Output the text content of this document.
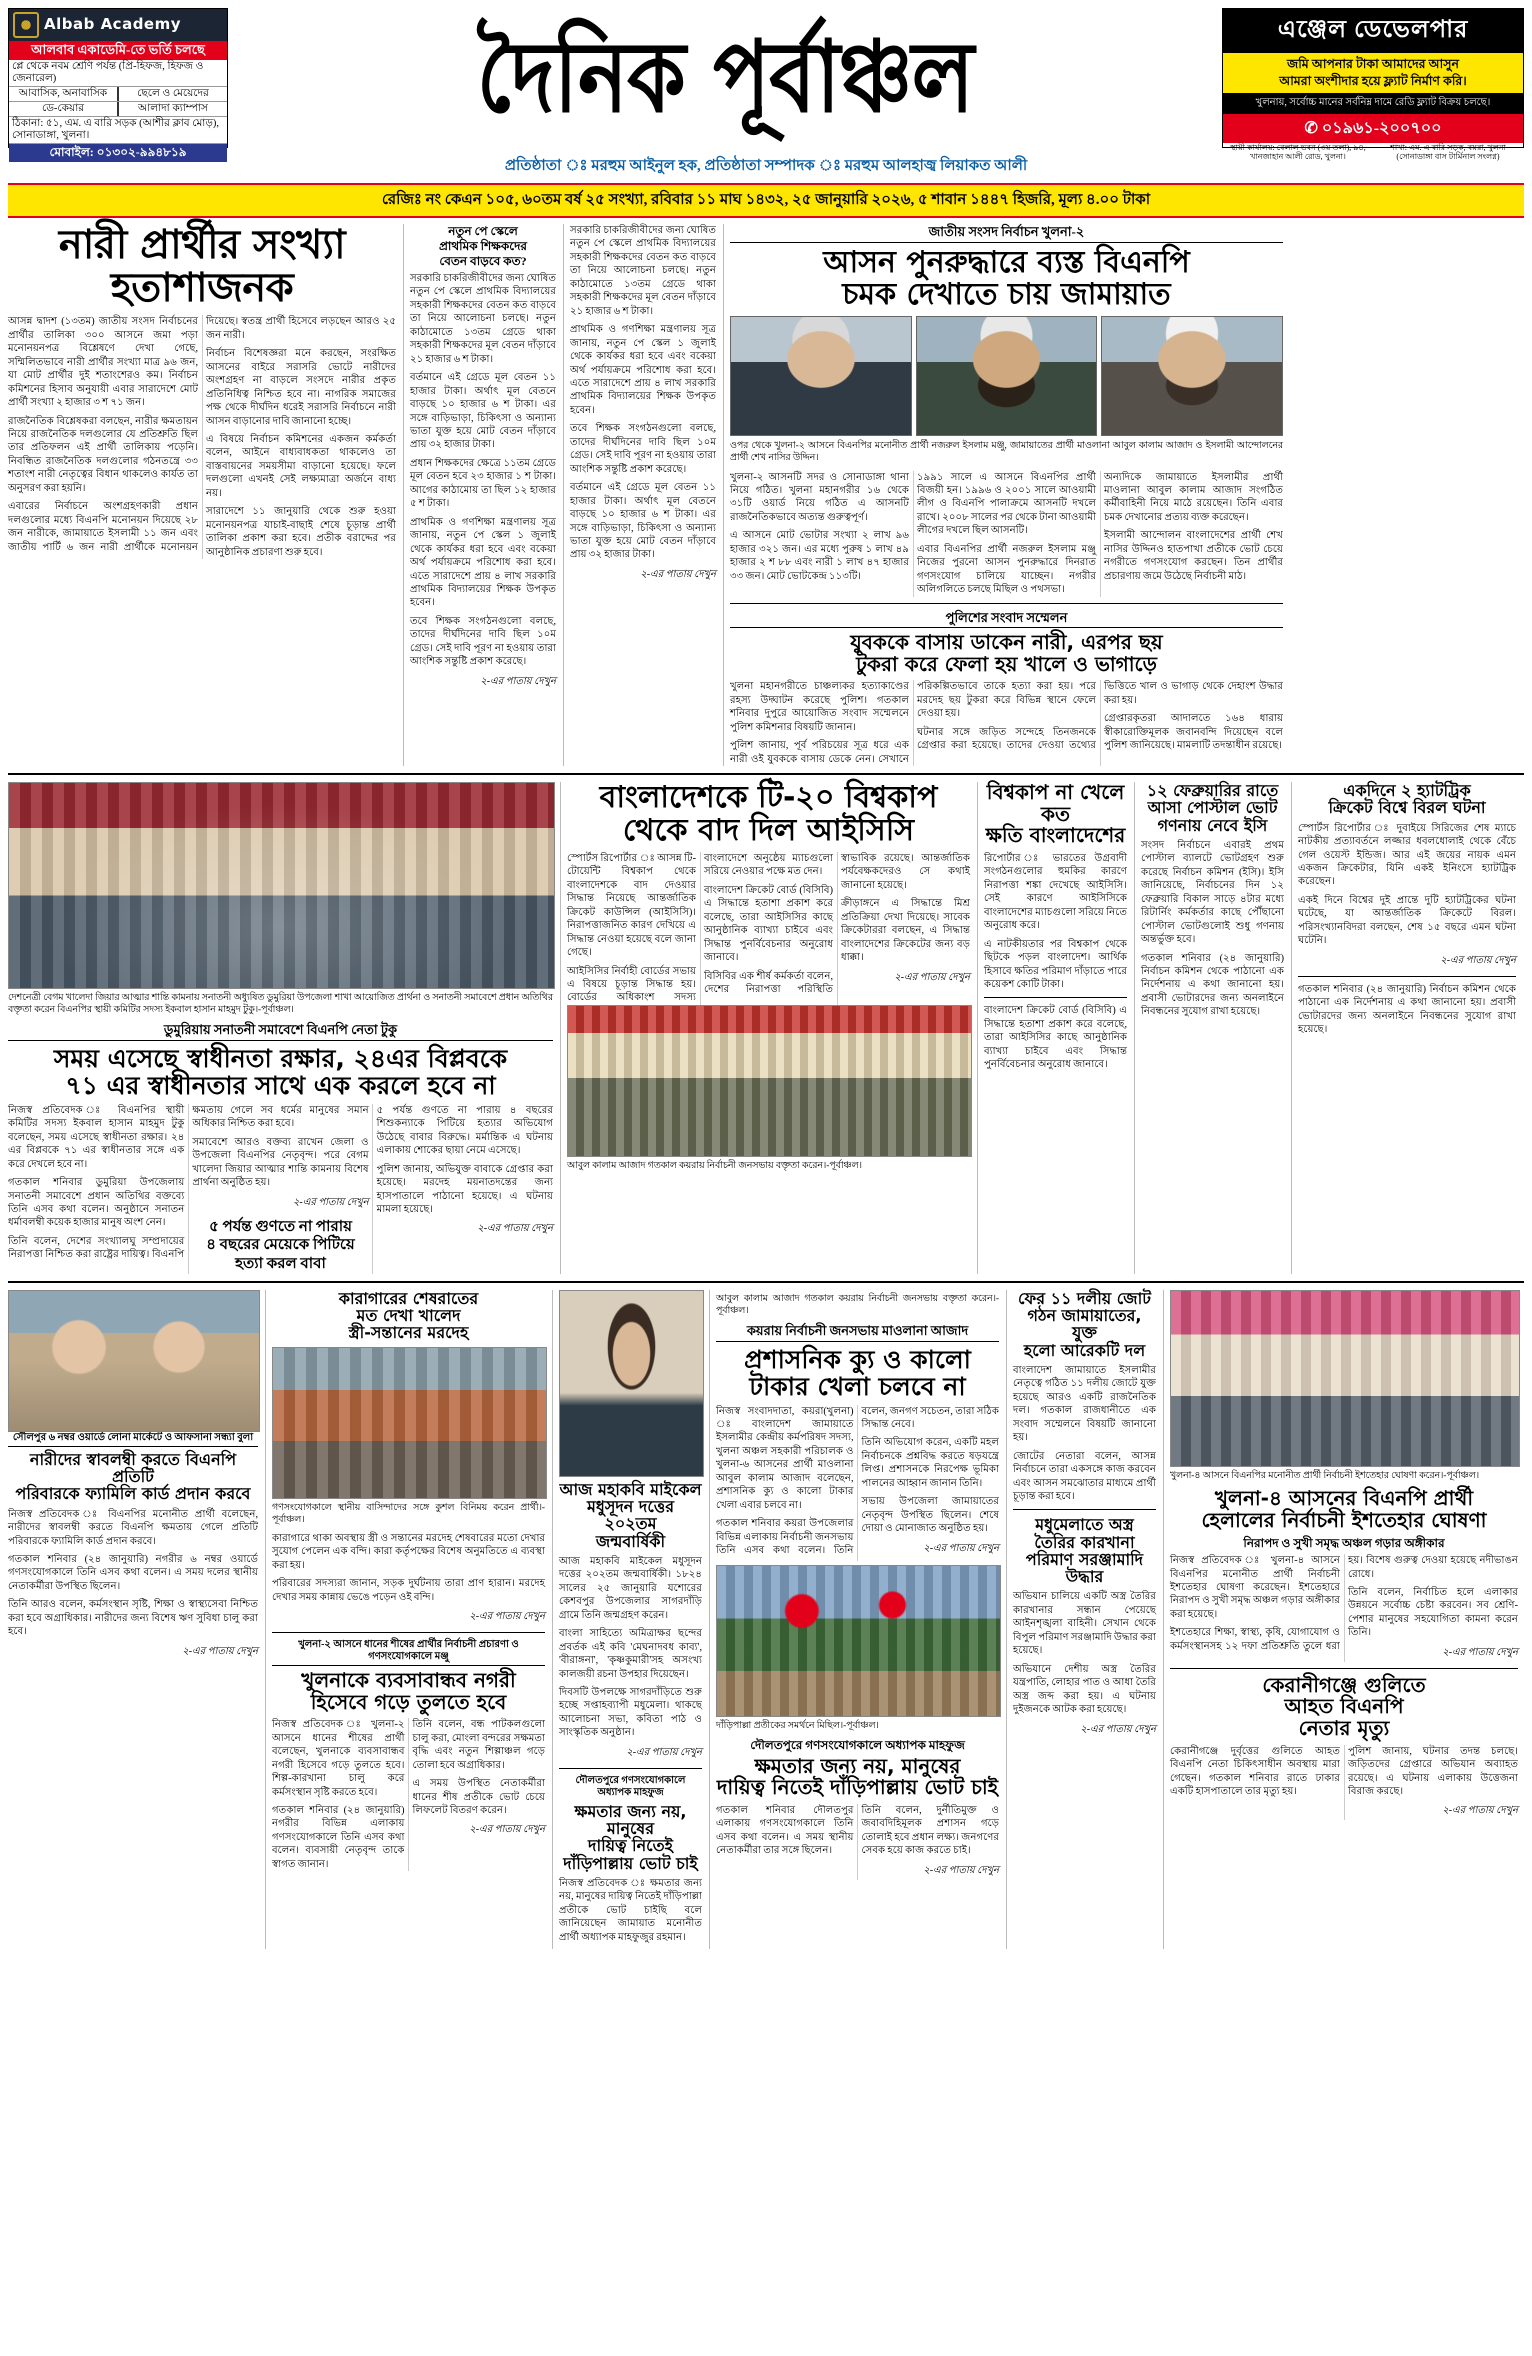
Albab Academy
আলবাব একাডেমি-তে ভর্তি চলছে
প্লে থেকে নবম শ্রেণি পর্যন্ত (প্রি-হিফজ, হিফজ ও জেনারেল)
আবাসিক, অনাবাসিক	ছেলে ও মেয়েদের
ডে-কেয়ার	আলাদা ক্যাম্পাস
ঠিকানা: ৫১, এম. এ বারি সড়ক (আশীর ক্লাব মোড়), সোনাডাঙ্গা, খুলনা।
মোবাইল: ০১৩০২-৯৯৪৮১৯
দৈনিক পূর্বাঞ্চল	এঞ্জেল ডেভেলপার
জমি আপনার টাকা আমাদের আসুন
আমরা অংশীদার হয়ে ফ্ল্যাট নির্মাণ করি।
খুলনায়, সর্বোচ্চ মানের সর্বনিম্ন দামে রেডি ফ্ল্যাট বিক্রয় চলছে।
✆ ০১৯৬১-২০০৭০০
স্থায়ী কার্যালয়: বেলাল ভবন (৩য় তলা), ৯৪, খানজাহান আলী রোড, খুলনা।
শাখা: এম. এ বারি সড়ক, বয়রা, খুলনা (সোনাডাঙ্গা বাস টার্মিনাল সংলগ্ন)
প্রতিষ্ঠাতা ঃ মরহুম আইনুল হক, প্রতিষ্ঠাতা সম্পাদক ঃ মরহুম আলহাজ্ব লিয়াকত আলী
রেজিঃ নং কেএন ১০৫, ৬০তম বর্ষ ২৫ সংখ্যা, রবিবার ১১ মাঘ ১৪৩২, ২৫ জানুয়ারি ২০২৬, ৫ শাবান ১৪৪৭ হিজরি, মূল্য ৪.০০ টাকা
নারী প্রার্থীর সংখ্যা হতাশাজনক

আসন্ন দ্বাদশ (১৩তম) জাতীয় সংসদ নির্বাচনের প্রার্থীর তালিকা ৩০০ আসনে জমা পড়া মনোনয়নপত্র বিশ্লেষণে দেখা গেছে, সম্মিলিতভাবে নারী প্রার্থীর সংখ্যা মাত্র ৯৬ জন, যা মোট প্রার্থীর দুই শতাংশেরও কম। নির্বাচন কমিশনের হিসাব অনুযায়ী এবার সারাদেশে মোট প্রার্থী সংখ্যা ২ হাজার ৩ শ ৭১ জন।

রাজনৈতিক বিশ্লেষকরা বলছেন, নারীর ক্ষমতায়ন নিয়ে রাজনৈতিক দলগুলোর যে প্রতিশ্রুতি ছিল তার প্রতিফলন এই প্রার্থী তালিকায় পড়েনি। নিবন্ধিত রাজনৈতিক দলগুলোর গঠনতন্ত্রে ৩৩ শতাংশ নারী নেতৃত্বের বিধান থাকলেও কার্যত তা অনুসরণ করা হয়নি।

এবারের নির্বাচনে অংশগ্রহণকারী প্রধান দলগুলোর মধ্যে বিএনপি মনোনয়ন দিয়েছে ২৮ জন নারীকে, জামায়াতে ইসলামী ১১ জন এবং জাতীয় পার্টি ৬ জন নারী প্রার্থীকে মনোনয়ন দিয়েছে। স্বতন্ত্র প্রার্থী হিসেবে লড়ছেন আরও ২৫ জন নারী।

নির্বাচন বিশেষজ্ঞরা মনে করছেন, সংরক্ষিত আসনের বাইরে সরাসরি ভোটে নারীদের অংশগ্রহণ না বাড়লে সংসদে নারীর প্রকৃত প্রতিনিধিত্ব নিশ্চিত হবে না। নাগরিক সমাজের পক্ষ থেকে দীর্ঘদিন ধরেই সরাসরি নির্বাচনে নারী আসন বাড়ানোর দাবি জানানো হচ্ছে।

এ বিষয়ে নির্বাচন কমিশনের একজন কর্মকর্তা বলেন, আইনে বাধ্যবাধকতা থাকলেও তা বাস্তবায়নের সময়সীমা বাড়ানো হয়েছে। ফলে দলগুলো এখনই সেই লক্ষ্যমাত্রা অর্জনে বাধ্য নয়।

সারাদেশে ১১ জানুয়ারি থেকে শুরু হওয়া মনোনয়নপত্র যাচাই-বাছাই শেষে চূড়ান্ত প্রার্থী তালিকা প্রকাশ করা হবে। প্রতীক বরাদ্দের পর আনুষ্ঠানিক প্রচারণা শুরু হবে।

নতুন পে স্কেলে
প্রাথমিক শিক্ষকদের
বেতন বাড়বে কত?

সরকারি চাকরিজীবীদের জন্য ঘোষিত নতুন পে স্কেলে প্রাথমিক বিদ্যালয়ের সহকারী শিক্ষকদের বেতন কত বাড়বে তা নিয়ে আলোচনা চলছে। নতুন কাঠামোতে ১৩তম গ্রেডে থাকা সহকারী শিক্ষকদের মূল বেতন দাঁড়াবে ২১ হাজার ৬ শ টাকা।

বর্তমানে এই গ্রেডে মূল বেতন ১১ হাজার টাকা। অর্থাৎ মূল বেতনে বাড়ছে ১০ হাজার ৬ শ টাকা। এর সঙ্গে বাড়িভাড়া, চিকিৎসা ও অন্যান্য ভাতা যুক্ত হয়ে মোট বেতন দাঁড়াবে প্রায় ৩২ হাজার টাকা।

প্রধান শিক্ষকদের ক্ষেত্রে ১১তম গ্রেডে মূল বেতন হবে ২৩ হাজার ১ শ টাকা। আগের কাঠামোয় তা ছিল ১২ হাজার ৫ শ টাকা।

প্রাথমিক ও গণশিক্ষা মন্ত্রণালয় সূত্র জানায়, নতুন পে স্কেল ১ জুলাই থেকে কার্যকর ধরা হবে এবং বকেয়া অর্থ পর্যায়ক্রমে পরিশোধ করা হবে। এতে সারাদেশে প্রায় ৪ লাখ সরকারি প্রাথমিক বিদ্যালয়ের শিক্ষক উপকৃত হবেন।

তবে শিক্ষক সংগঠনগুলো বলছে, তাদের দীর্ঘদিনের দাবি ছিল ১০ম গ্রেড। সেই দাবি পূরণ না হওয়ায় তারা আংশিক সন্তুষ্টি প্রকাশ করেছে।

২-এর পাতায় দেখুন

সরকারি চাকরিজীবীদের জন্য ঘোষিত নতুন পে স্কেলে প্রাথমিক বিদ্যালয়ের সহকারী শিক্ষকদের বেতন কত বাড়বে তা নিয়ে আলোচনা চলছে। নতুন কাঠামোতে ১৩তম গ্রেডে থাকা সহকারী শিক্ষকদের মূল বেতন দাঁড়াবে ২১ হাজার ৬ শ টাকা।

প্রাথমিক ও গণশিক্ষা মন্ত্রণালয় সূত্র জানায়, নতুন পে স্কেল ১ জুলাই থেকে কার্যকর ধরা হবে এবং বকেয়া অর্থ পর্যায়ক্রমে পরিশোধ করা হবে। এতে সারাদেশে প্রায় ৪ লাখ সরকারি প্রাথমিক বিদ্যালয়ের শিক্ষক উপকৃত হবেন।

তবে শিক্ষক সংগঠনগুলো বলছে, তাদের দীর্ঘদিনের দাবি ছিল ১০ম গ্রেড। সেই দাবি পূরণ না হওয়ায় তারা আংশিক সন্তুষ্টি প্রকাশ করেছে।

বর্তমানে এই গ্রেডে মূল বেতন ১১ হাজার টাকা। অর্থাৎ মূল বেতনে বাড়ছে ১০ হাজার ৬ শ টাকা। এর সঙ্গে বাড়িভাড়া, চিকিৎসা ও অন্যান্য ভাতা যুক্ত হয়ে মোট বেতন দাঁড়াবে প্রায় ৩২ হাজার টাকা।

২-এর পাতায় দেখুন
জাতীয় সংসদ নির্বাচন খুলনা-২
আসন পুনরুদ্ধারে ব্যস্ত বিএনপি
চমক দেখাতে চায় জামায়াত

ওপর থেকে খুলনা-২ আসনে বিএনপির মনোনীত প্রার্থী নজরুল ইসলাম মঞ্জু, জামায়াতের প্রার্থী মাওলানা আবুল কালাম আজাদ ও ইসলামী আন্দোলনের প্রার্থী শেখ নাসির উদ্দিন।

খুলনা-২ আসনটি সদর ও সোনাডাঙ্গা থানা নিয়ে গঠিত। খুলনা মহানগরীর ১৬ থেকে ৩১টি ওয়ার্ড নিয়ে গঠিত এ আসনটি রাজনৈতিকভাবে অত্যন্ত গুরুত্বপূর্ণ।

এ আসনে মোট ভোটার সংখ্যা ২ লাখ ৯৬ হাজার ৩২১ জন। এর মধ্যে পুরুষ ১ লাখ ৪৯ হাজার ২ শ ৮৮ এবং নারী ১ লাখ ৪৭ হাজার ৩৩ জন। মোট ভোটকেন্দ্র ১১৩টি।

১৯৯১ সালে এ আসনে বিএনপির প্রার্থী বিজয়ী হন। ১৯৯৬ ও ২০০১ সালে আওয়ামী লীগ ও বিএনপি পালাক্রমে আসনটি দখলে রাখে। ২০০৮ সালের পর থেকে টানা আওয়ামী লীগের দখলে ছিল আসনটি।

এবার বিএনপির প্রার্থী নজরুল ইসলাম মঞ্জু নিজের পুরনো আসন পুনরুদ্ধারে দিনরাত গণসংযোগ চালিয়ে যাচ্ছেন। নগরীর অলিগলিতে চলছে মিছিল ও পথসভা।

অন্যদিকে জামায়াতে ইসলামীর প্রার্থী মাওলানা আবুল কালাম আজাদ সংগঠিত কর্মীবাহিনী নিয়ে মাঠে রয়েছেন। তিনি এবার চমক দেখানোর প্রত্যয় ব্যক্ত করেছেন।

ইসলামী আন্দোলন বাংলাদেশের প্রার্থী শেখ নাসির উদ্দিনও হাতপাখা প্রতীকে ভোট চেয়ে নগরীতে গণসংযোগ করছেন। তিন প্রার্থীর প্রচারণায় জমে উঠেছে নির্বাচনী মাঠ।

পুলিশের সংবাদ সম্মেলন
যুবককে বাসায় ডাকেন নারী, এরপর ছয়
টুকরা করে ফেলা হয় খালে ও ভাগাড়ে

খুলনা মহানগরীতে চাঞ্চল্যকর হত্যাকাণ্ডের রহস্য উদ্ঘাটন করেছে পুলিশ। গতকাল শনিবার দুপুরে আয়োজিত সংবাদ সম্মেলনে পুলিশ কমিশনার বিষয়টি জানান।

পুলিশ জানায়, পূর্ব পরিচয়ের সূত্র ধরে এক নারী ওই যুবককে বাসায় ডেকে নেন। সেখানে পরিকল্পিতভাবে তাকে হত্যা করা হয়। পরে মরদেহ ছয় টুকরা করে বিভিন্ন স্থানে ফেলে দেওয়া হয়।

ঘটনার সঙ্গে জড়িত সন্দেহে তিনজনকে গ্রেপ্তার করা হয়েছে। তাদের দেওয়া তথ্যের ভিত্তিতে খাল ও ভাগাড় থেকে দেহাংশ উদ্ধার করা হয়।

গ্রেপ্তারকৃতরা আদালতে ১৬৪ ধারায় স্বীকারোক্তিমূলক জবানবন্দি দিয়েছেন বলে পুলিশ জানিয়েছে। মামলাটি তদন্তাধীন রয়েছে।

দেশনেত্রী বেগম খালেদা জিয়ার আত্মার শান্তি কামনায় সনাতনী অধ্যুষিত ডুমুরিয়া উপজেলা শাখা আয়োজিত প্রার্থনা ও সনাতনী সমাবেশে প্রধান অতিথির বক্তৃতা করেন বিএনপির স্থায়ী কমিটির সদস্য ইকবাল হাসান মাহমুদ টুকু।-পূর্বাঞ্চল।

ডুমুরিয়ায় সনাতনী সমাবেশে বিএনপি নেতা টুকু
সময় এসেছে স্বাধীনতা রক্ষার, ২৪এর বিপ্লবকে
৭১ এর স্বাধীনতার সাথে এক করলে হবে না

নিজস্ব প্রতিবেদক ঃ বিএনপির স্থায়ী কমিটির সদস্য ইকবাল হাসান মাহমুদ টুকু বলেছেন, সময় এসেছে স্বাধীনতা রক্ষার। ২৪ এর বিপ্লবকে ৭১ এর স্বাধীনতার সঙ্গে এক করে দেখলে হবে না।

গতকাল শনিবার ডুমুরিয়া উপজেলায় সনাতনী সমাবেশে প্রধান অতিথির বক্তব্যে তিনি এসব কথা বলেন। অনুষ্ঠানে সনাতন ধর্মাবলম্বী কয়েক হাজার মানুষ অংশ নেন।

তিনি বলেন, দেশের সংখ্যালঘু সম্প্রদায়ের নিরাপত্তা নিশ্চিত করা রাষ্ট্রের দায়িত্ব। বিএনপি ক্ষমতায় গেলে সব ধর্মের মানুষের সমান অধিকার নিশ্চিত করা হবে।

সমাবেশে আরও বক্তব্য রাখেন জেলা ও উপজেলা বিএনপির নেতৃবৃন্দ। পরে বেগম খালেদা জিয়ার আত্মার শান্তি কামনায় বিশেষ প্রার্থনা অনুষ্ঠিত হয়।

২-এর পাতায় দেখুন
৫ পর্যন্ত গুণতে না পারায়
৪ বছরের মেয়েকে পিটিয়ে
হত্যা করল বাবা

৫ পর্যন্ত গুণতে না পারায় ৪ বছরের শিশুকন্যাকে পিটিয়ে হত্যার অভিযোগ উঠেছে বাবার বিরুদ্ধে। মর্মান্তিক এ ঘটনায় এলাকায় শোকের ছায়া নেমে এসেছে।

পুলিশ জানায়, অভিযুক্ত বাবাকে গ্রেপ্তার করা হয়েছে। মরদেহ ময়নাতদন্তের জন্য হাসপাতালে পাঠানো হয়েছে। এ ঘটনায় মামলা হয়েছে।

২-এর পাতায় দেখুন
বাংলাদেশকে টি-২০ বিশ্বকাপ
থেকে বাদ দিল আইসিসি

স্পোর্টস রিপোর্টার ঃ আসন্ন টি-টোয়েন্টি বিশ্বকাপ থেকে বাংলাদেশকে বাদ দেওয়ার সিদ্ধান্ত নিয়েছে আন্তর্জাতিক ক্রিকেট কাউন্সিল (আইসিসি)। নিরাপত্তাজনিত কারণ দেখিয়ে এ সিদ্ধান্ত নেওয়া হয়েছে বলে জানা গেছে।

আইসিসির নির্বাহী বোর্ডের সভায় এ বিষয়ে চূড়ান্ত সিদ্ধান্ত হয়। বোর্ডের অধিকাংশ সদস্য বাংলাদেশে অনুষ্ঠেয় ম্যাচগুলো সরিয়ে নেওয়ার পক্ষে মত দেন।

বাংলাদেশ ক্রিকেট বোর্ড (বিসিবি) এ সিদ্ধান্তে হতাশা প্রকাশ করে বলেছে, তারা আইসিসির কাছে আনুষ্ঠানিক ব্যাখ্যা চাইবে এবং সিদ্ধান্ত পুনর্বিবেচনার অনুরোধ জানাবে।

বিসিবির এক শীর্ষ কর্মকর্তা বলেন, দেশের নিরাপত্তা পরিস্থিতি স্বাভাবিক রয়েছে। আন্তর্জাতিক পর্যবেক্ষকদেরও সে কথাই জানানো হয়েছে।

ক্রীড়াঙ্গনে এ সিদ্ধান্তে মিশ্র প্রতিক্রিয়া দেখা দিয়েছে। সাবেক ক্রিকেটাররা বলছেন, এ সিদ্ধান্ত বাংলাদেশের ক্রিকেটের জন্য বড় ধাক্কা।

২-এর পাতায় দেখুন

আবুল কালাম আজাদ গতকাল কয়রায় নির্বাচনী জনসভায় বক্তৃতা করেন।-পূর্বাঞ্চল।

বিশ্বকাপ না খেলে কত
ক্ষতি বাংলাদেশের

রিপোর্টার ঃ ভারতের উগ্রবাদী সংগঠনগুলোর হুমকির কারণে নিরাপত্তা শঙ্কা দেখেছে আইসিসি। সেই কারণে আইসিসিকে বাংলাদেশের ম্যাচগুলো সরিয়ে নিতে অনুরোধ করে।

এ নাটকীয়তার পর বিশ্বকাপ থেকে ছিটকে পড়ল বাংলাদেশ। আর্থিক হিসাবে ক্ষতির পরিমাণ দাঁড়াতে পারে কয়েকশ কোটি টাকা।

বাংলাদেশ ক্রিকেট বোর্ড (বিসিবি) এ সিদ্ধান্তে হতাশা প্রকাশ করে বলেছে, তারা আইসিসির কাছে আনুষ্ঠানিক ব্যাখ্যা চাইবে এবং সিদ্ধান্ত পুনর্বিবেচনার অনুরোধ জানাবে।

১২ ফেব্রুয়ারির রাতে
আসা পোস্টাল ভোট
গণনায় নেবে ইসি

সংসদ নির্বাচনে এবারই প্রথম পোস্টাল ব্যালটে ভোটগ্রহণ শুরু করেছে নির্বাচন কমিশন (ইসি)। ইসি জানিয়েছে, নির্বাচনের দিন ১২ ফেব্রুয়ারি বিকাল সাড়ে ৪টার মধ্যে রিটার্নিং কর্মকর্তার কাছে পৌঁছানো পোস্টাল ভোটগুলোই শুধু গণনায় অন্তর্ভুক্ত হবে।

গতকাল শনিবার (২৪ জানুয়ারি) নির্বাচন কমিশন থেকে পাঠানো এক নির্দেশনায় এ কথা জানানো হয়। প্রবাসী ভোটারদের জন্য অনলাইনে নিবন্ধনের সুযোগ রাখা হয়েছে।

একদিনে ২ হ্যাটট্রিক
ক্রিকেট বিশ্বে বিরল ঘটনা

স্পোর্টস রিপোর্টার ঃ দুবাইয়ে সিরিজের শেষ ম্যাচে নাটকীয় প্রত্যাবর্তনে লজ্জার ধবলধোলাই থেকে বেঁচে গেল ওয়েস্ট ইন্ডিজ। আর এই জয়ের নায়ক এমন একজন ক্রিকেটার, যিনি একই ইনিংসে হ্যাটট্রিক করেছেন।

একই দিনে বিশ্বের দুই প্রান্তে দুটি হ্যাটট্রিকের ঘটনা ঘটেছে, যা আন্তর্জাতিক ক্রিকেটে বিরল। পরিসংখ্যানবিদরা বলছেন, শেষ ১৫ বছরে এমন ঘটনা ঘটেনি।

২-এর পাতায় দেখুন

গতকাল শনিবার (২৪ জানুয়ারি) নির্বাচন কমিশন থেকে পাঠানো এক নির্দেশনায় এ কথা জানানো হয়। প্রবাসী ভোটারদের জন্য অনলাইনে নিবন্ধনের সুযোগ রাখা হয়েছে।

সৌলপুর ৬ নম্বর ওয়ার্ডে লোনা মার্কেটে ও আফসানা সন্ধ্যা বুলা
নারীদের স্বাবলম্বী করতে বিএনপি প্রতিটি
পরিবারকে ফ্যামিলি কার্ড প্রদান করবে

নিজস্ব প্রতিবেদক ঃ বিএনপির মনোনীত প্রার্থী বলেছেন, নারীদের স্বাবলম্বী করতে বিএনপি ক্ষমতায় গেলে প্রতিটি পরিবারকে ফ্যামিলি কার্ড প্রদান করবে।

গতকাল শনিবার (২৪ জানুয়ারি) নগরীর ৬ নম্বর ওয়ার্ডে গণসংযোগকালে তিনি এসব কথা বলেন। এ সময় দলের স্থানীয় নেতাকর্মীরা উপস্থিত ছিলেন।

তিনি আরও বলেন, কর্মসংস্থান সৃষ্টি, শিক্ষা ও স্বাস্থ্যসেবা নিশ্চিত করা হবে অগ্রাধিকার। নারীদের জন্য বিশেষ ঋণ সুবিধা চালু করা হবে।

২-এর পাতায় দেখুন
কারাগারের শেষরাতের
মত দেখা খালেদ
স্ত্রী-সন্তানের মরদেহ

গণসংযোগকালে স্থানীয় বাসিন্দাদের সঙ্গে কুশল বিনিময় করেন প্রার্থী।-পূর্বাঞ্চল।

কারাগারে থাকা অবস্থায় স্ত্রী ও সন্তানের মরদেহ শেষবারের মতো দেখার সুযোগ পেলেন এক বন্দি। কারা কর্তৃপক্ষের বিশেষ অনুমতিতে এ ব্যবস্থা করা হয়।

পরিবারের সদস্যরা জানান, সড়ক দুর্ঘটনায় তারা প্রাণ হারান। মরদেহ দেখার সময় কান্নায় ভেঙে পড়েন ওই বন্দি।

২-এর পাতায় দেখুন
খুলনা-২ আসনে ধানের শীষের প্রার্থীর নির্বাচনী প্রচারণা ও গণসংযোগকালে মঞ্জু
খুলনাকে ব্যবসাবান্ধব নগরী
হিসেবে গড়ে তুলতে হবে

নিজস্ব প্রতিবেদক ঃ খুলনা-২ আসনে ধানের শীষের প্রার্থী বলেছেন, খুলনাকে ব্যবসাবান্ধব নগরী হিসেবে গড়ে তুলতে হবে। শিল্প-কারখানা চালু করে কর্মসংস্থান সৃষ্টি করতে হবে।

গতকাল শনিবার (২৪ জানুয়ারি) নগরীর বিভিন্ন এলাকায় গণসংযোগকালে তিনি এসব কথা বলেন। ব্যবসায়ী নেতৃবৃন্দ তাকে স্বাগত জানান।

তিনি বলেন, বন্ধ পাটকলগুলো চালু করা, মোংলা বন্দরের সক্ষমতা বৃদ্ধি এবং নতুন শিল্পাঞ্চল গড়ে তোলা হবে অগ্রাধিকার।

এ সময় উপস্থিত নেতাকর্মীরা ধানের শীষ প্রতীকে ভোট চেয়ে লিফলেট বিতরণ করেন।

২-এর পাতায় দেখুন
আজ মহাকবি মাইকেল
মধুসূদন দত্তের ২০২তম
জন্মবার্ষিকী

আজ মহাকবি মাইকেল মধুসূদন দত্তের ২০২তম জন্মবার্ষিকী। ১৮২৪ সালের ২৫ জানুয়ারি যশোরের কেশবপুর উপজেলার সাগরদাঁড়ি গ্রামে তিনি জন্মগ্রহণ করেন।

বাংলা সাহিত্যে অমিত্রাক্ষর ছন্দের প্রবর্তক এই কবি 'মেঘনাদবধ কাব্য', 'বীরাঙ্গনা', 'কৃষ্ণকুমারী'সহ অসংখ্য কালজয়ী রচনা উপহার দিয়েছেন।

দিবসটি উপলক্ষে সাগরদাঁড়িতে শুরু হচ্ছে সপ্তাহব্যাপী মধুমেলা। থাকছে আলোচনা সভা, কবিতা পাঠ ও সাংস্কৃতিক অনুষ্ঠান।

২-এর পাতায় দেখুন
দৌলতপুরে গণসংযোগকালে অধ্যাপক মাহফুজ
ক্ষমতার জন্য নয়, মানুষের
দায়িত্ব নিতেই দাঁড়িপাল্লায় ভোট চাই

নিজস্ব প্রতিবেদক ঃ ক্ষমতার জন্য নয়, মানুষের দায়িত্ব নিতেই দাঁড়িপাল্লা প্রতীকে ভোট চাইছি বলে জানিয়েছেন জামায়াত মনোনীত প্রার্থী অধ্যাপক মাহফুজুর রহমান।

আবুল কালাম আজাদ গতকাল কয়রায় নির্বাচনী জনসভায় বক্তৃতা করেন।-পূর্বাঞ্চল।

কয়রায় নির্বাচনী জনসভায় মাওলানা আজাদ
প্রশাসনিক ক্যু ও কালো
টাকার খেলা চলবে না

নিজস্ব সংবাদদাতা, কয়রা(খুলনা) ঃ বাংলাদেশ জামায়াতে ইসলামীর কেন্দ্রীয় কর্মপরিষদ সদস্য, খুলনা অঞ্চল সহকারী পরিচালক ও খুলনা-৬ আসনের প্রার্থী মাওলানা আবুল কালাম আজাদ বলেছেন, প্রশাসনিক ক্যু ও কালো টাকার খেলা এবার চলবে না।

গতকাল শনিবার কয়রা উপজেলার বিভিন্ন এলাকায় নির্বাচনী জনসভায় তিনি এসব কথা বলেন। তিনি বলেন, জনগণ সচেতন, তারা সঠিক সিদ্ধান্ত নেবে।

তিনি অভিযোগ করেন, একটি মহল নির্বাচনকে প্রশ্নবিদ্ধ করতে ষড়যন্ত্রে লিপ্ত। প্রশাসনকে নিরপেক্ষ ভূমিকা পালনের আহ্বান জানান তিনি।

সভায় উপজেলা জামায়াতের নেতৃবৃন্দ উপস্থিত ছিলেন। শেষে দোয়া ও মোনাজাত অনুষ্ঠিত হয়।

২-এর পাতায় দেখুন

দাঁড়িপাল্লা প্রতীকের সমর্থনে মিছিল।-পূর্বাঞ্চল।

দৌলতপুরে গণসংযোগকালে অধ্যাপক মাহফুজ
ক্ষমতার জন্য নয়, মানুষের
দায়িত্ব নিতেই দাঁড়িপাল্লায় ভোট চাই

গতকাল শনিবার দৌলতপুর এলাকায় গণসংযোগকালে তিনি এসব কথা বলেন। এ সময় স্থানীয় নেতাকর্মীরা তার সঙ্গে ছিলেন।

তিনি বলেন, দুর্নীতিমুক্ত ও জবাবদিহিমূলক প্রশাসন গড়ে তোলাই হবে প্রধান লক্ষ্য। জনগণের সেবক হয়ে কাজ করতে চাই।

২-এর পাতায় দেখুন
ফের ১১ দলীয় জোট
গঠন জামায়াতের, যুক্ত
হলো আরেকটি দল

বাংলাদেশ জামায়াতে ইসলামীর নেতৃত্বে গঠিত ১১ দলীয় জোটে যুক্ত হয়েছে আরও একটি রাজনৈতিক দল। গতকাল রাজধানীতে এক সংবাদ সম্মেলনে বিষয়টি জানানো হয়।

জোটের নেতারা বলেন, আসন্ন নির্বাচনে তারা একসঙ্গে কাজ করবেন এবং আসন সমঝোতার মাধ্যমে প্রার্থী চূড়ান্ত করা হবে।

মধুমেলাতে অস্ত্র তৈরির কারখানা
পরিমাণ সরঞ্জামাদি উদ্ধার

অভিযান চালিয়ে একটি অস্ত্র তৈরির কারখানার সন্ধান পেয়েছে আইনশৃঙ্খলা বাহিনী। সেখান থেকে বিপুল পরিমাণ সরঞ্জামাদি উদ্ধার করা হয়েছে।

অভিযানে দেশীয় অস্ত্র তৈরির যন্ত্রপাতি, লোহার পাত ও আধা তৈরি অস্ত্র জব্দ করা হয়। এ ঘটনায় দুইজনকে আটক করা হয়েছে।

২-এর পাতায় দেখুন

খুলনা-৪ আসনে বিএনপির মনোনীত প্রার্থী নির্বাচনী ইশতেহার ঘোষণা করেন।-পূর্বাঞ্চল।

খুলনা-৪ আসনের বিএনপি প্রার্থী
হেলালের নির্বাচনী ইশতেহার ঘোষণা
নিরাপদ ও সুখী সমৃদ্ধ অঞ্চল গড়ার অঙ্গীকার

নিজস্ব প্রতিবেদক ঃ খুলনা-৪ আসনে বিএনপির মনোনীত প্রার্থী নির্বাচনী ইশতেহার ঘোষণা করেছেন। ইশতেহারে নিরাপদ ও সুখী সমৃদ্ধ অঞ্চল গড়ার অঙ্গীকার করা হয়েছে।

ইশতেহারে শিক্ষা, স্বাস্থ্য, কৃষি, যোগাযোগ ও কর্মসংস্থানসহ ১২ দফা প্রতিশ্রুতি তুলে ধরা হয়। বিশেষ গুরুত্ব দেওয়া হয়েছে নদীভাঙন রোধে।

তিনি বলেন, নির্বাচিত হলে এলাকার উন্নয়নে সর্বোচ্চ চেষ্টা করবেন। সব শ্রেণি-পেশার মানুষের সহযোগিতা কামনা করেন তিনি।

২-এর পাতায় দেখুন
কেরানীগঞ্জে গুলিতে
আহত বিএনপি
নেতার মৃত্যু

কেরানীগঞ্জে দুর্বৃত্তের গুলিতে আহত বিএনপি নেতা চিকিৎসাধীন অবস্থায় মারা গেছেন। গতকাল শনিবার রাতে ঢাকার একটি হাসপাতালে তার মৃত্যু হয়।

পুলিশ জানায়, ঘটনার তদন্ত চলছে। জড়িতদের গ্রেপ্তারে অভিযান অব্যাহত রয়েছে। এ ঘটনায় এলাকায় উত্তেজনা বিরাজ করছে।

২-এর পাতায় দেখুন
